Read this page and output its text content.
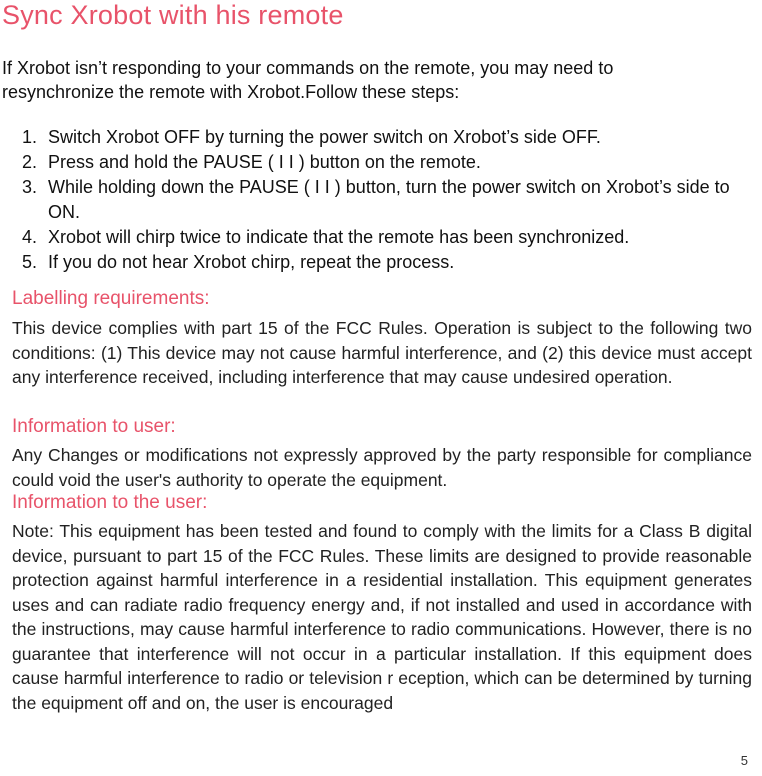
Sync Xrobot with his remote
If Xrobot isn’t responding to your commands on the remote, you may need to resynchronize the remote with Xrobot.Follow these steps:
1. Switch Xrobot OFF by turning the power switch on Xrobot’s side OFF.
2. Press and hold the PAUSE ( I I ) button on the remote.
3. While holding down the PAUSE ( I I ) button, turn the power switch on Xrobot’s side to ON.
4. Xrobot will chirp twice to indicate that the remote has been synchronized.
5. If you do not hear Xrobot chirp, repeat the process.
Labelling requirements:
This device complies with part 15 of the FCC Rules. Operation is subject to the following two conditions: (1) This device may not cause harmful interference, and (2) this device must accept any interference received, including interference that may cause undesired operation.
Information to user:
Any Changes or modifications not expressly approved by the party responsible for compliance could void the user's authority to operate the equipment.
Information to the user:
Note: This equipment has been tested and found to comply with the limits for a Class B digital device, pursuant to part 15 of the FCC Rules. These limits are designed to provide reasonable protection against harmful interference in a residential installation. This equipment generates uses and can radiate radio frequency energy and, if not installed and used in accordance with the instructions, may cause harmful interference to radio communications. However, there is no guarantee that interference will not occur in a particular installation. If this equipment does cause harmful interference to radio or television r eception, which can be determined by turning the equipment off and on, the user is encouraged
5
